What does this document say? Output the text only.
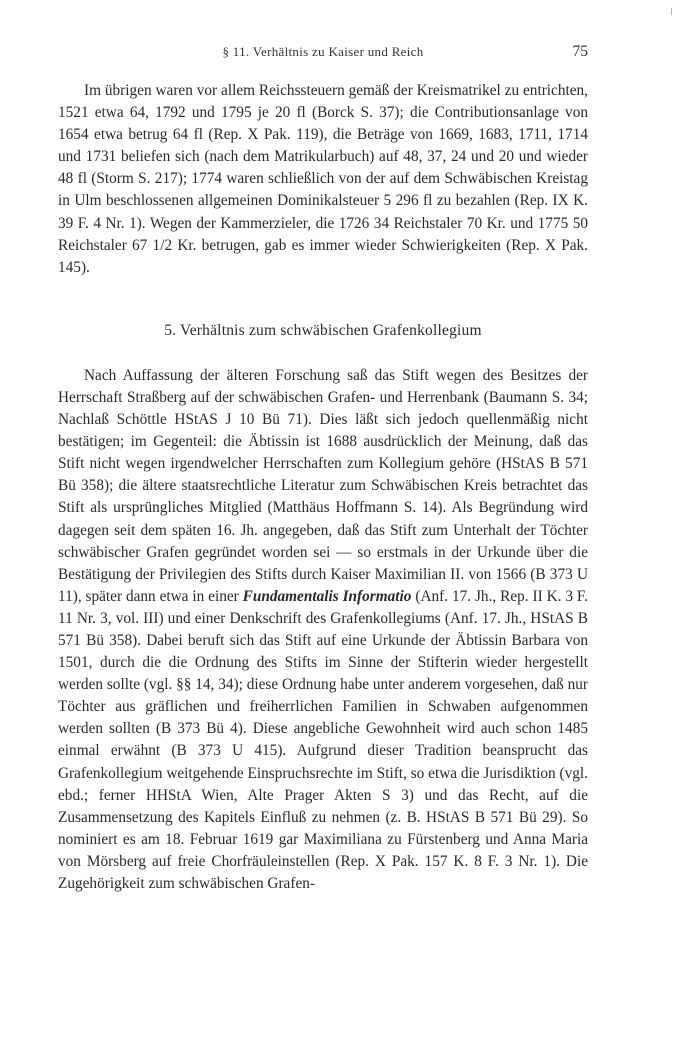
§ 11. Verhältnis zu Kaiser und Reich	75

Im übrigen waren vor allem Reichssteuern gemäß der Kreismatrikel zu entrichten, 1521 etwa 64, 1792 und 1795 je 20 fl (Borck S. 37); die Contributionsanlage von 1654 etwa betrug 64 fl (Rep. X Pak. 119), die Beträge von 1669, 1683, 1711, 1714 und 1731 beliefen sich (nach dem Matrikularbuch) auf 48, 37, 24 und 20 und wieder 48 fl (Storm S. 217); 1774 waren schließlich von der auf dem Schwäbischen Kreistag in Ulm beschlossenen allgemeinen Dominikalsteuer 5 296 fl zu bezahlen (Rep. IX K. 39 F. 4 Nr. 1). Wegen der Kammerzieler, die 1726 34 Reichstaler 70 Kr. und 1775 50 Reichstaler 67 1/2 Kr. betrugen, gab es immer wieder Schwierigkeiten (Rep. X Pak. 145).

5. Verhältnis zum schwäbischen Grafenkollegium

Nach Auffassung der älteren Forschung saß das Stift wegen des Besitzes der Herrschaft Straßberg auf der schwäbischen Grafen- und Herrenbank (Baumann S. 34; Nachlaß Schöttle HStAS J 10 Bü 71). Dies läßt sich jedoch quellenmäßig nicht bestätigen; im Gegenteil: die Äbtissin ist 1688 ausdrücklich der Meinung, daß das Stift nicht wegen irgendwelcher Herrschaften zum Kollegium gehöre (HStAS B 571 Bü 358); die ältere staatsrechtliche Literatur zum Schwäbischen Kreis betrachtet das Stift als ursprüngliches Mitglied (Matthäus Hoffmann S. 14). Als Begründung wird dagegen seit dem späten 16. Jh. angegeben, daß das Stift zum Unterhalt der Töchter schwäbischer Grafen gegründet worden sei — so erstmals in der Urkunde über die Bestätigung der Privilegien des Stifts durch Kaiser Maximilian II. von 1566 (B 373 U 11), später dann etwa in einer Fundamentalis Informatio (Anf. 17. Jh., Rep. II K. 3 F. 11 Nr. 3, vol. III) und einer Denkschrift des Grafenkollegiums (Anf. 17. Jh., HStAS B 571 Bü 358). Dabei beruft sich das Stift auf eine Urkunde der Äbtissin Barbara von 1501, durch die die Ordnung des Stifts im Sinne der Stifterin wieder hergestellt werden sollte (vgl. §§ 14, 34); diese Ordnung habe unter anderem vorgesehen, daß nur Töchter aus gräflichen und freiherrlichen Familien in Schwaben aufgenommen werden sollten (B 373 Bü 4). Diese angebliche Gewohnheit wird auch schon 1485 einmal erwähnt (B 373 U 415). Aufgrund dieser Tradition beansprucht das Grafenkollegium weitgehende Einspruchsrechte im Stift, so etwa die Jurisdiktion (vgl. ebd.; ferner HHStA Wien, Alte Prager Akten S 3) und das Recht, auf die Zusammensetzung des Kapitels Einfluß zu nehmen (z. B. HStAS B 571 Bü 29). So nominiert es am 18. Februar 1619 gar Maximiliana zu Fürstenberg und Anna Maria von Mörsberg auf freie Chorfräuleinstellen (Rep. X Pak. 157 K. 8 F. 3 Nr. 1). Die Zugehörigkeit zum schwäbischen Grafen-
